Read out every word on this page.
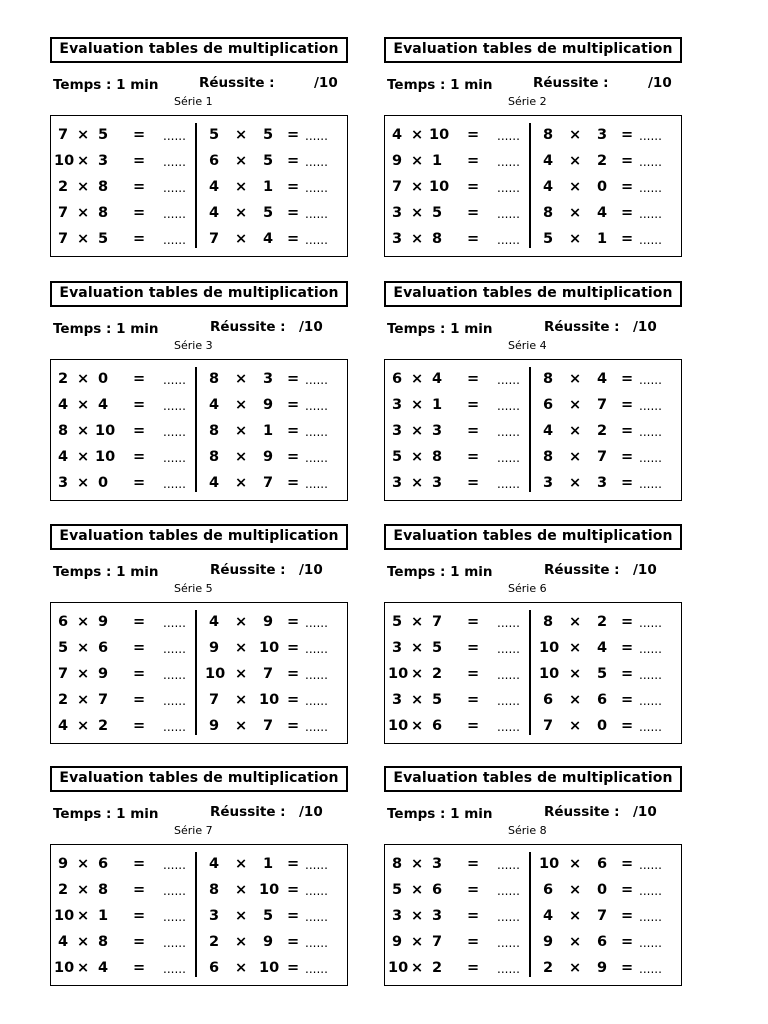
Evaluation tables de multiplication
Temps : 1 min	Réussite :	/10
Série 1
7 × 5 = ......
10 × 3 = ......
2 × 8 = ......
7 × 8 = ......
7 × 5 = ......
5 × 5 = ......
6 × 5 = ......
4 × 1 = ......
4 × 5 = ......
7 × 4 = ......
Evaluation tables de multiplication
Temps : 1 min	Réussite :	/10
Série 2
4 × 10 = ......
9 × 1 = ......
7 × 10 = ......
3 × 5 = ......
3 × 8 = ......
8 × 3 = ......
4 × 2 = ......
4 × 0 = ......
8 × 4 = ......
5 × 1 = ......
Evaluation tables de multiplication
Temps : 1 min	Réussite : /10
Série 3
2 × 0 = ......
4 × 4 = ......
8 × 10 = ......
4 × 10 = ......
3 × 0 = ......
8 × 3 = ......
4 × 9 = ......
8 × 1 = ......
8 × 9 = ......
4 × 7 = ......
Evaluation tables de multiplication
Temps : 1 min	Réussite : /10
Série 4
6 × 4 = ......
3 × 1 = ......
3 × 3 = ......
5 × 8 = ......
3 × 3 = ......
8 × 4 = ......
6 × 7 = ......
4 × 2 = ......
8 × 7 = ......
3 × 3 = ......
Evaluation tables de multiplication
Temps : 1 min	Réussite : /10
Série 5
6 × 9 = ......
5 × 6 = ......
7 × 9 = ......
2 × 7 = ......
4 × 2 = ......
4 × 9 = ......
9 × 10 = ......
10 × 7 = ......
7 × 10 = ......
9 × 7 = ......
Evaluation tables de multiplication
Temps : 1 min	Réussite : /10
Série 6
5 × 7 = ......
3 × 5 = ......
10 × 2 = ......
3 × 5 = ......
10 × 6 = ......
8 × 2 = ......
10 × 4 = ......
10 × 5 = ......
6 × 6 = ......
7 × 0 = ......
Evaluation tables de multiplication
Temps : 1 min	Réussite : /10
Série 7
9 × 6 = ......
2 × 8 = ......
10 × 1 = ......
4 × 8 = ......
10 × 4 = ......
4 × 1 = ......
8 × 10 = ......
3 × 5 = ......
2 × 9 = ......
6 × 10 = ......
Evaluation tables de multiplication
Temps : 1 min	Réussite : /10
Série 8
8 × 3 = ......
5 × 6 = ......
3 × 3 = ......
9 × 7 = ......
10 × 2 = ......
10 × 6 = ......
6 × 0 = ......
4 × 7 = ......
9 × 6 = ......
2 × 9 = ......
